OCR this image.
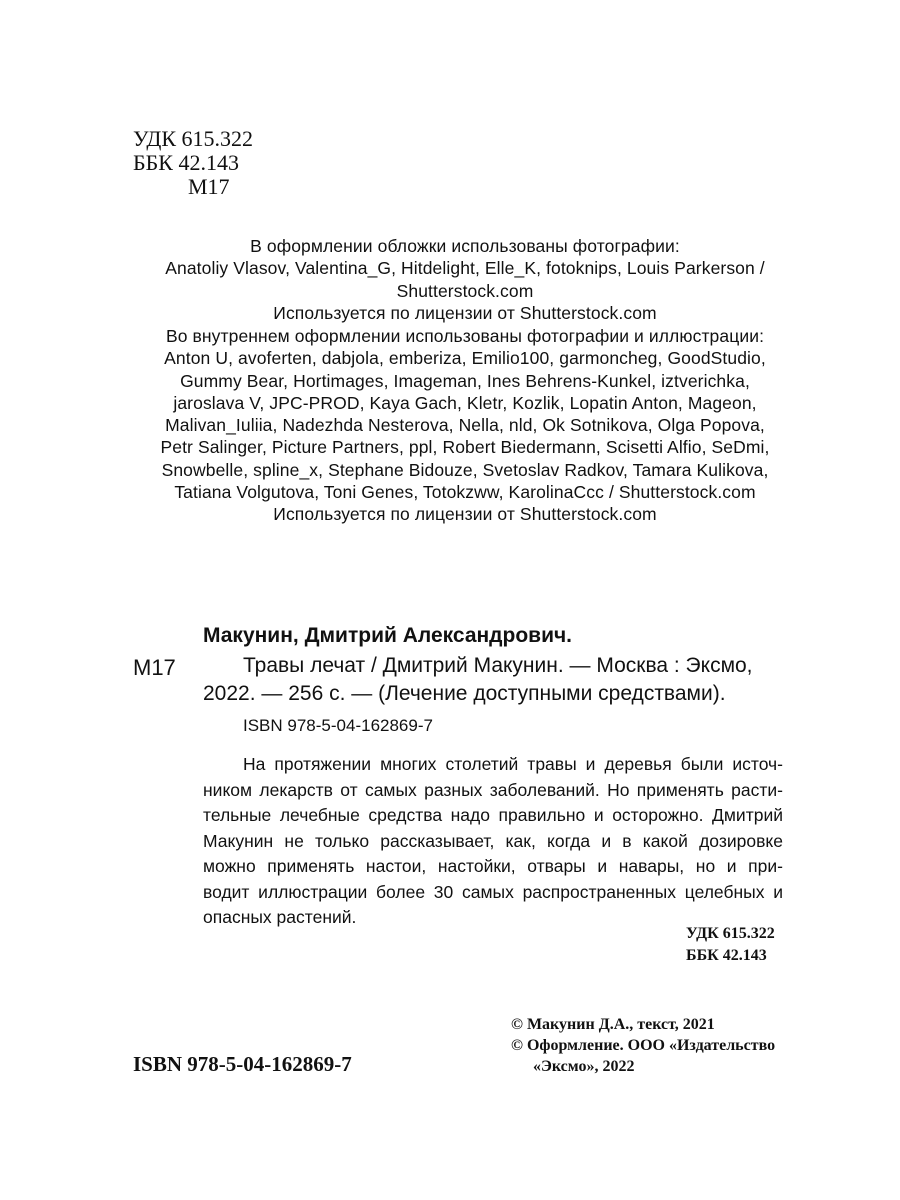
УДК 615.322
ББК 42.143
М17
В оформлении обложки использованы фотографии:
Anatoliy Vlasov, Valentina_G, Hitdelight, Elle_K, fotoknips, Louis Parkerson /
Shutterstock.com
Используется по лицензии от Shutterstock.com
Во внутреннем оформлении использованы фотографии и иллюстрации:
Anton U, avoferten, dabjola, emberiza, Emilio100, garmoncheg, GoodStudio,
Gummy Bear, Hortimages, Imageman, Ines Behrens-Kunkel, iztverichka,
jaroslava V, JPC-PROD, Kaya Gach, Kletr, Kozlik, Lopatin Anton, Mageon,
Malivan_Iuliia, Nadezhda Nesterova, Nella, nld, Ok Sotnikova, Olga Popova,
Petr Salinger, Picture Partners, ppl, Robert Biedermann, Scisetti Alfio, SeDmi,
Snowbelle, spline_x, Stephane Bidouze, Svetoslav Radkov, Tamara Kulikova,
Tatiana Volgutova, Toni Genes, Totokzww, KarolinaCcc / Shutterstock.com
Используется по лицензии от Shutterstock.com
Макунин, Дмитрий Александрович.
М17	Травы лечат / Дмитрий Макунин. — Москва : Эксмо,
2022. — 256 с. — (Лечение доступными средствами).
ISBN 978-5-04-162869-7
На протяжении многих столетий травы и деревья были источ-
ником лекарств от самых разных заболеваний. Но применять расти-
тельные лечебные средства надо правильно и осторожно. Дмитрий
Макунин не только рассказывает, как, когда и в какой дозировке
можно применять настои, настойки, отвары и навары, но и при-
водит иллюстрации более 30 самых распространенных целебных и
опасных растений.
УДК 615.322
ББК 42.143
© Макунин Д.А., текст, 2021
© Оформление. ООО «Издательство
«Эксмо», 2022
ISBN 978-5-04-162869-7
